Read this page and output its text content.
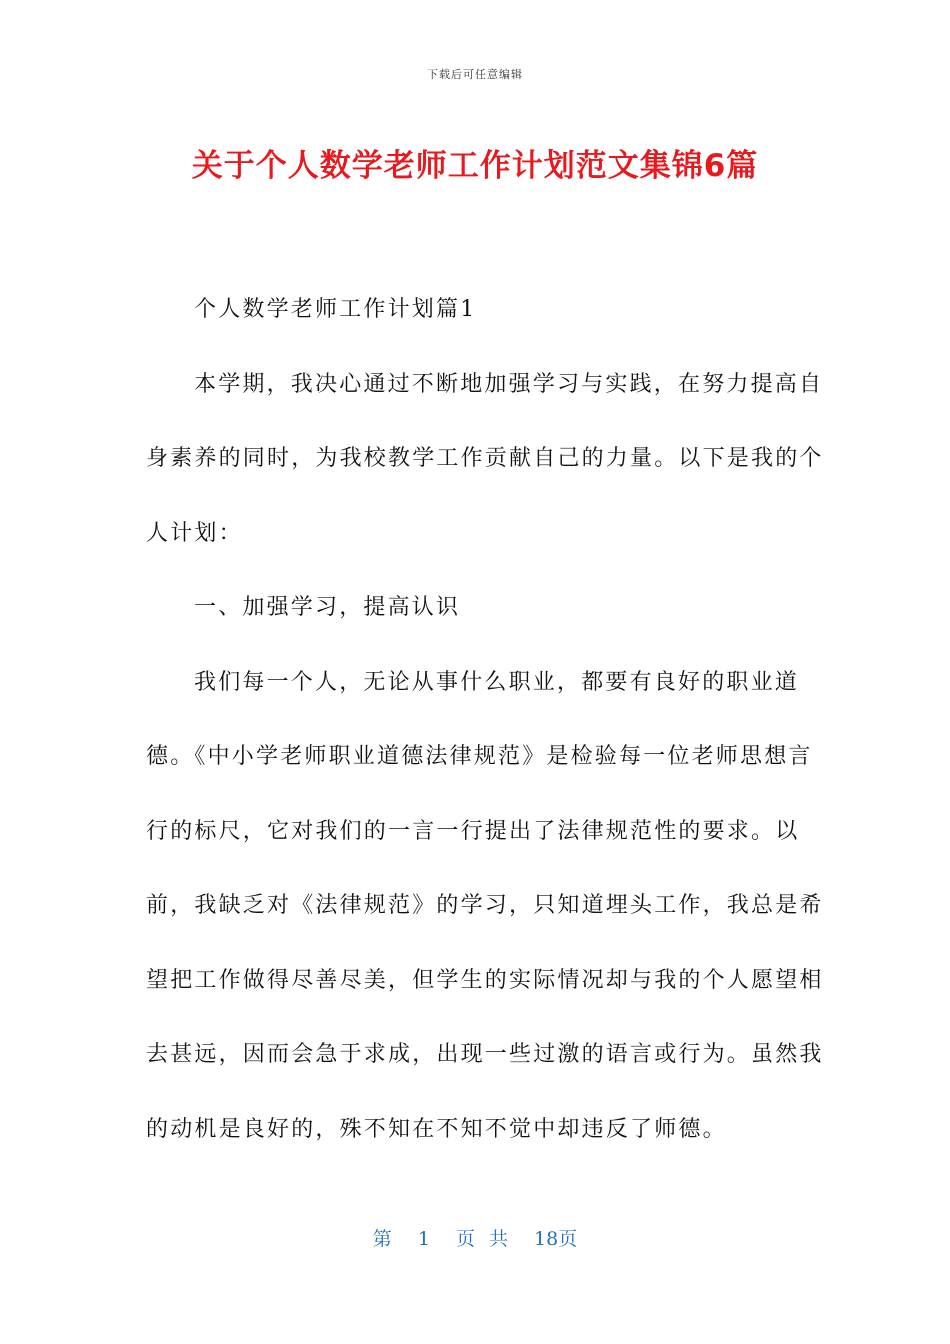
下载后可任意编辑
关于个人数学老师工作计划范文集锦6篇

个人数学老师工作计划篇1

本学期，我决心通过不断地加强学习与实践，在努力提高自身素养的同时，为我校教学工作贡献自己的力量。以下是我的个人计划：

一、加强学习，提高认识

我们每一个人，无论从事什么职业，都要有良好的职业道德。《中小学老师职业道德法律规范》是检验每一位老师思想言行的标尺，它对我们的一言一行提出了法律规范性的要求。以前，我缺乏对《法律规范》的学习，只知道埋头工作，我总是希望把工作做得尽善尽美，但学生的实际情况却与我的个人愿望相去甚远，因而会急于求成，出现一些过激的语言或行为。虽然我的动机是良好的，殊不知在不知不觉中却违反了师德。

第 1 页 共 18页
